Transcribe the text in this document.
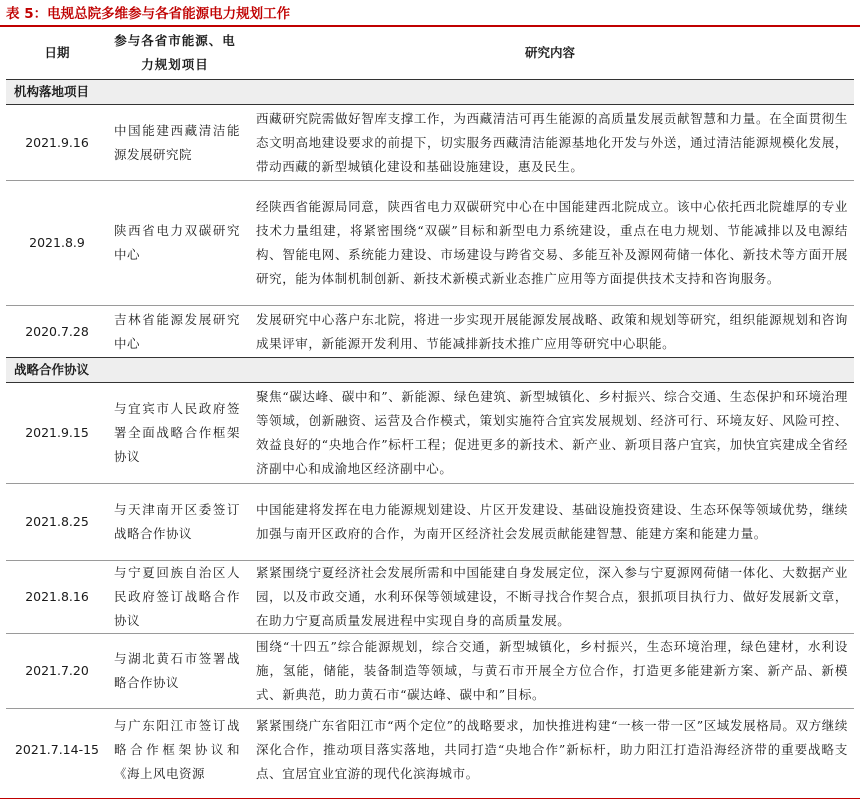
表 5：电规总院多维参与各省能源电力规划工作
日期
参与各省市能源、电力规划项目
研究内容
机构落地项目
2021.9.16
中国能建西藏清洁能源发展研究院
西藏研究院需做好智库支撑工作，为西藏清洁可再生能源的高质量发展贡献智慧和力量。在全面贯彻生态文明高地建设要求的前提下，切实服务西藏清洁能源基地化开发与外送，通过清洁能源规模化发展，带动西藏的新型城镇化建设和基础设施建设，惠及民生。
2021.8.9
陕西省电力双碳研究中心
经陕西省能源局同意，陕西省电力双碳研究中心在中国能建西北院成立。该中心依托西北院雄厚的专业技术力量组建，将紧密围绕“双碳”目标和新型电力系统建设，重点在电力规划、节能减排以及电源结构、智能电网、系统能力建设、市场建设与跨省交易、多能互补及源网荷储一体化、新技术等方面开展研究，能为体制机制创新、新技术新模式新业态推广应用等方面提供技术支持和咨询服务。
2020.7.28
吉林省能源发展研究中心
发展研究中心落户东北院，将进一步实现开展能源发展战略、政策和规划等研究，组织能源规划和咨询成果评审，新能源开发利用、节能减排新技术推广应用等研究中心职能。
战略合作协议
2021.9.15
与宜宾市人民政府签署全面战略合作框架协议
聚焦“碳达峰、碳中和”、新能源、绿色建筑、新型城镇化、乡村振兴、综合交通、生态保护和环境治理等领域，创新融资、运营及合作模式，策划实施符合宜宾发展规划、经济可行、环境友好、风险可控、效益良好的“央地合作”标杆工程；促进更多的新技术、新产业、新项目落户宜宾，加快宜宾建成全省经济副中心和成渝地区经济副中心。
2021.8.25
与天津南开区委签订战略合作协议
中国能建将发挥在电力能源规划建设、片区开发建设、基础设施投资建设、生态环保等领域优势，继续加强与南开区政府的合作，为南开区经济社会发展贡献能建智慧、能建方案和能建力量。
2021.8.16
与宁夏回族自治区人民政府签订战略合作协议
紧紧围绕宁夏经济社会发展所需和中国能建自身发展定位，深入参与宁夏源网荷储一体化、大数据产业园，以及市政交通，水利环保等领域建设，不断寻找合作契合点，狠抓项目执行力、做好发展新文章，在助力宁夏高质量发展进程中实现自身的高质量发展。
2021.7.20
与湖北黄石市签署战略合作协议
围绕“十四五”综合能源规划，综合交通，新型城镇化，乡村振兴，生态环境治理，绿色建材，水利设施，氢能，储能，装备制造等领域，与黄石市开展全方位合作，打造更多能建新方案、新产品、新模式、新典范，助力黄石市“碳达峰、碳中和”目标。
2021.7.14-15
与广东阳江市签订战略合作框架协议和《海上风电资源
紧紧围绕广东省阳江市“两个定位”的战略要求，加快推进构建“一核一带一区”区域发展格局。双方继续深化合作，推动项目落实落地，共同打造“央地合作”新标杆，助力阳江打造沿海经济带的重要战略支点、宜居宜业宜游的现代化滨海城市。
